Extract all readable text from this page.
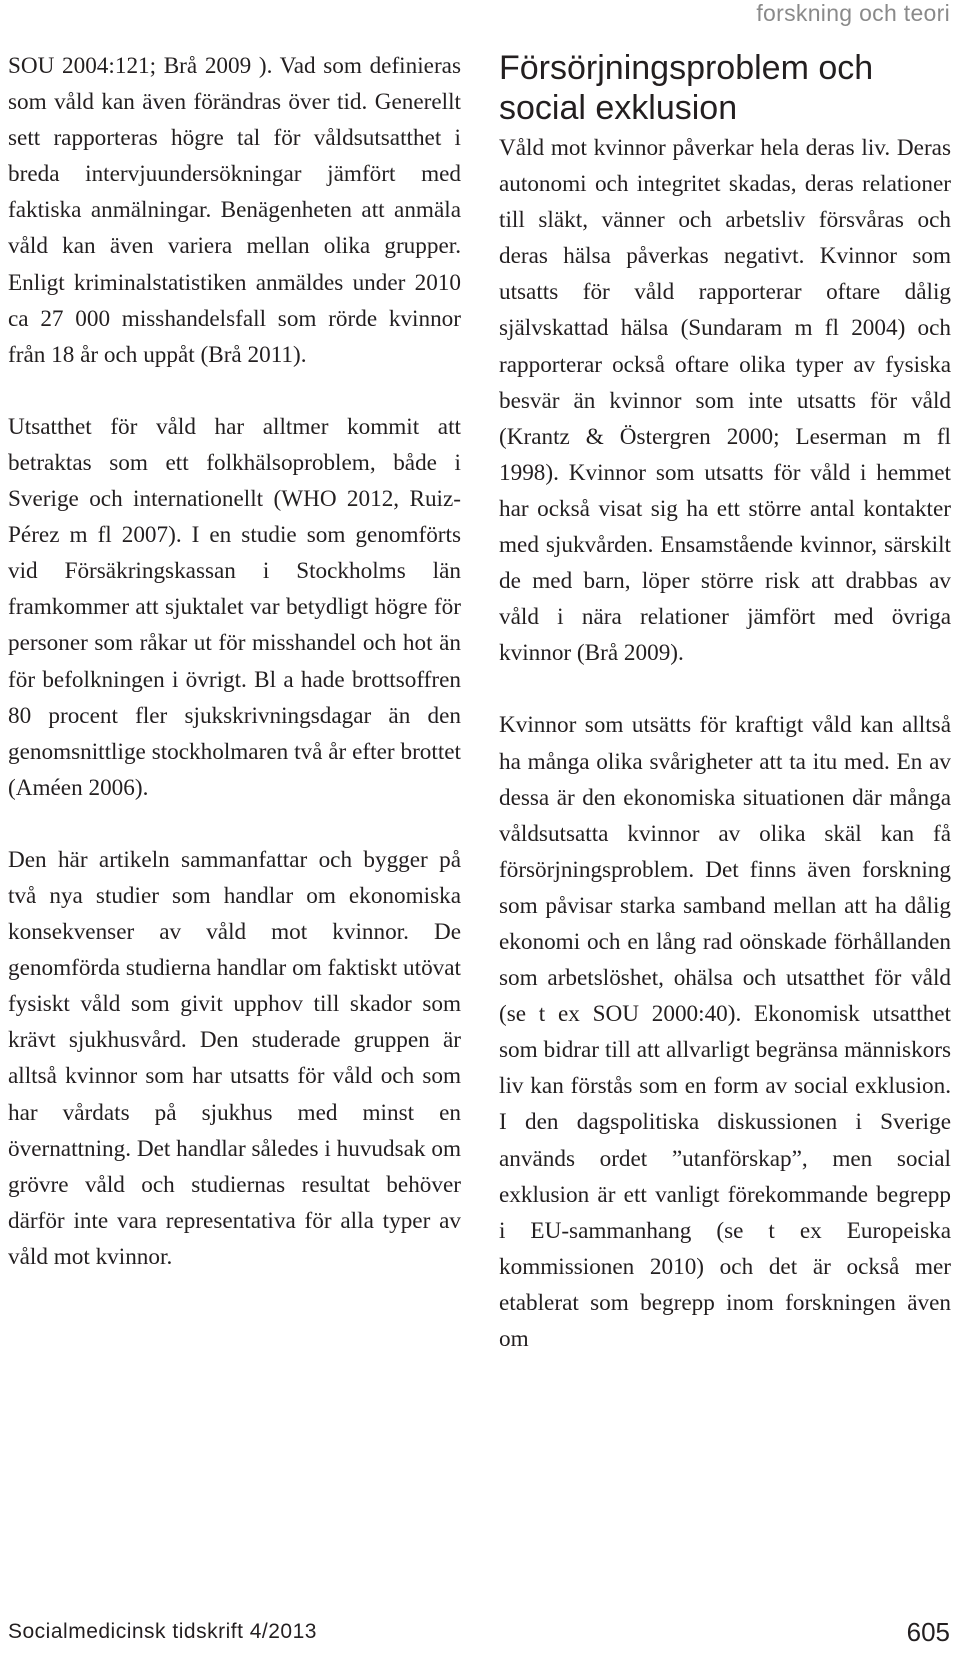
forskning och teori

SOU 2004:121; Brå 2009 ). Vad som definieras som våld kan även förändras över tid. Generellt sett rapporteras högre tal för våldsutsatthet i breda intervjuundersökningar jämfört med faktiska anmälningar. Benägenheten att anmäla våld kan även variera mellan olika grupper. Enligt kriminalstatistiken anmäldes under 2010 ca 27 000 misshandelsfall som rörde kvinnor från 18 år och uppåt (Brå 2011).

Utsatthet för våld har alltmer kommit att betraktas som ett folkhälsoproblem, både i Sverige och internationellt (WHO 2012, Ruiz-Pérez m fl 2007). I en studie som genomförts vid Försäkringskassan i Stockholms län framkommer att sjuktalet var betydligt högre för personer som råkar ut för misshandel och hot än för befolkningen i övrigt. Bl a hade brottsoffren 80 procent fler sjukskrivningsdagar än den genomsnittlige stockholmaren två år efter brottet (Améen 2006).

Den här artikeln sammanfattar och bygger på två nya studier som handlar om ekonomiska konsekvenser av våld mot kvinnor. De genomförda studierna handlar om faktiskt utövat fysiskt våld som givit upphov till skador som krävt sjukhusvård. Den studerade gruppen är alltså kvinnor som har utsatts för våld och som har vårdats på sjukhus med minst en övernattning. Det handlar således i huvudsak om grövre våld och studiernas resultat behöver därför inte vara representativa för alla typer av våld mot kvinnor.

Försörjningsproblem och social exklusion

Våld mot kvinnor påverkar hela deras liv. Deras autonomi och integritet skadas, deras relationer till släkt, vänner och arbetsliv försvåras och deras hälsa påverkas negativt. Kvinnor som utsatts för våld rapporterar oftare dålig självskattad hälsa (Sundaram m fl 2004) och rapporterar också oftare olika typer av fysiska besvär än kvinnor som inte utsatts för våld (Krantz & Östergren 2000; Leserman m fl 1998). Kvinnor som utsatts för våld i hemmet har också visat sig ha ett större antal kontakter med sjukvården. Ensamstående kvinnor, särskilt de med barn, löper större risk att drabbas av våld i nära relationer jämfört med övriga kvinnor (Brå 2009).

Kvinnor som utsätts för kraftigt våld kan alltså ha många olika svårigheter att ta itu med. En av dessa är den ekonomiska situationen där många våldsutsatta kvinnor av olika skäl kan få försörjningsproblem. Det finns även forskning som påvisar starka samband mellan att ha dålig ekonomi och en lång rad oönskade förhållanden som arbetslöshet, ohälsa och utsatthet för våld (se t ex SOU 2000:40). Ekonomisk utsatthet som bidrar till att allvarligt begränsa människors liv kan förstås som en form av social exklusion. I den dagspolitiska diskussionen i Sverige används ordet ”utanförskap”, men social exklusion är ett vanligt förekommande begrepp i EU-sammanhang (se t ex Europeiska kommissionen 2010) och det är också mer etablerat som begrepp inom forskningen även om

Socialmedicinsk tidskrift 4/2013	605
